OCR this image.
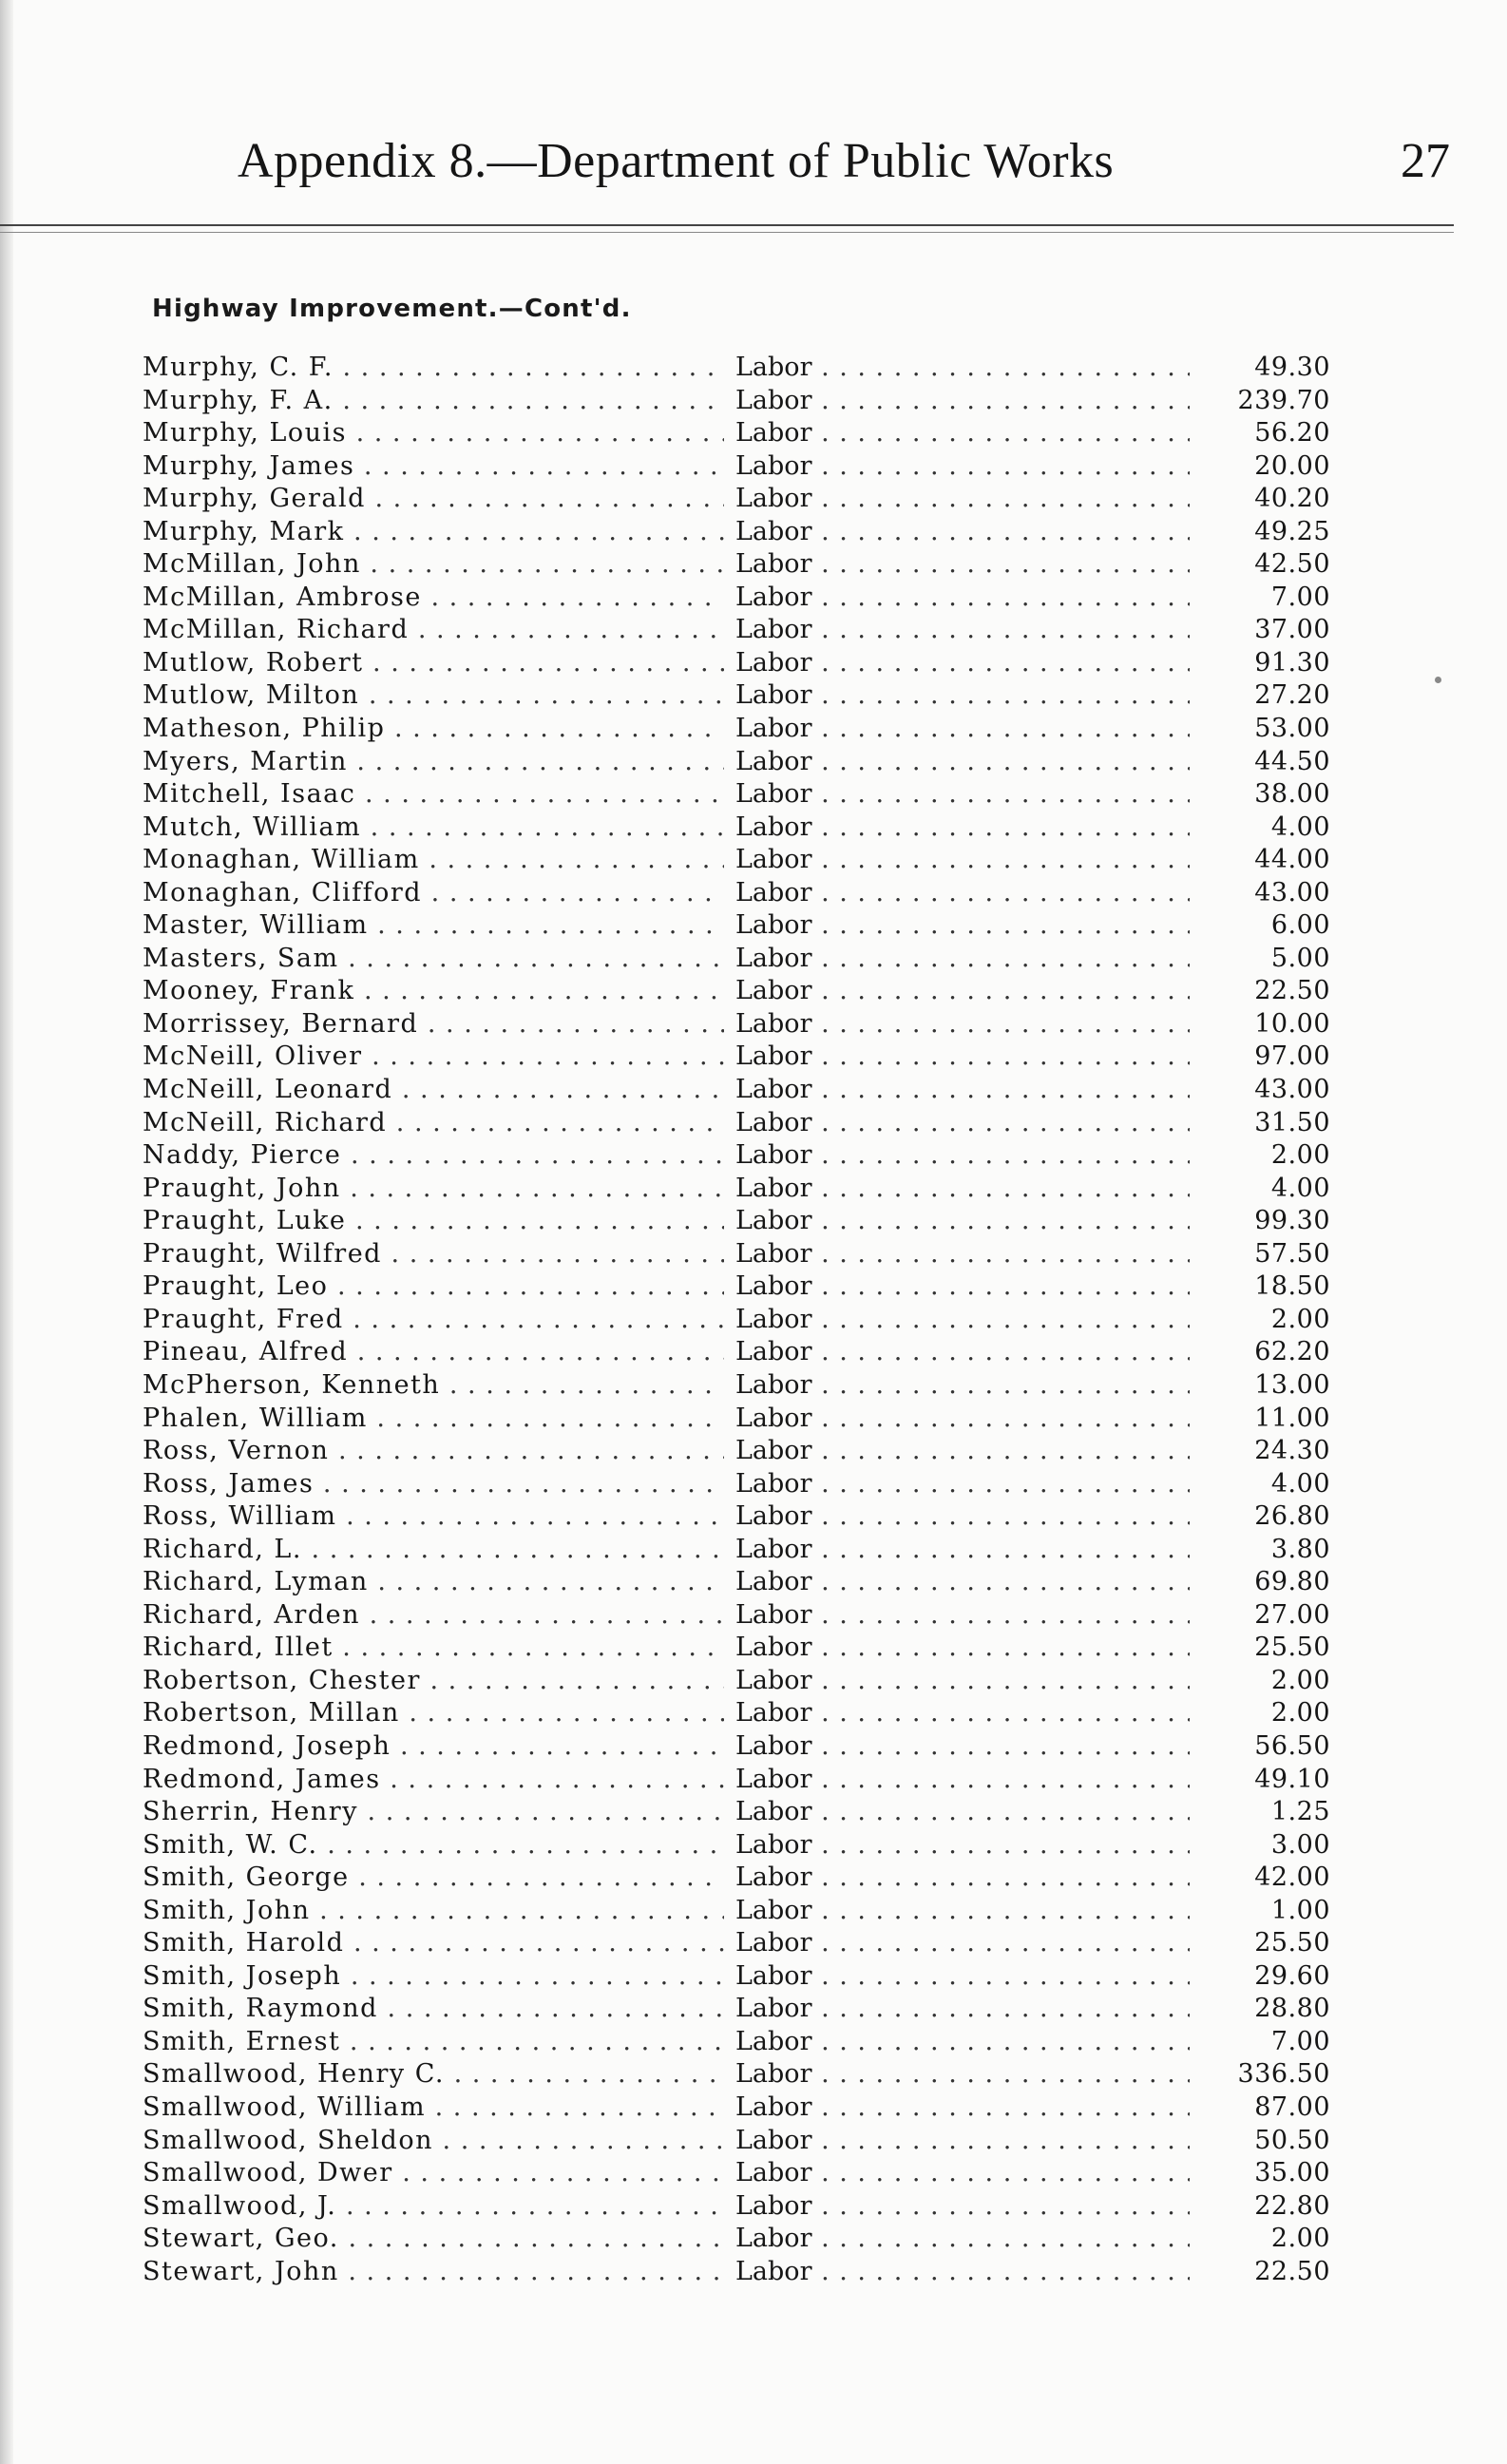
Appendix 8.—Department of Public Works	27
Highway Improvement.—Cont'd.
Murphy, C. F. . . .	Labor . . .	49.30
Murphy, F. A. . . .	Labor . . .	239.70
Murphy, Louis . . .	Labor . . .	56.20
Murphy, James . . .	Labor . . .	20.00
Murphy, Gerald . . .	Labor . . .	40.20
Murphy, Mark . . .	Labor . . .	49.25
McMillan, John . . .	Labor . . .	42.50
McMillan, Ambrose . . .	Labor . . .	7.00
McMillan, Richard . . .	Labor . . .	37.00
Mutlow, Robert . . .	Labor . . .	91.30
Mutlow, Milton . . .	Labor . . .	27.20
Matheson, Philip . . .	Labor . . .	53.00
Myers, Martin . . .	Labor . . .	44.50
Mitchell, Isaac . . .	Labor . . .	38.00
Mutch, William . . .	Labor . . .	4.00
Monaghan, William . . .	Labor . . .	44.00
Monaghan, Clifford . . .	Labor . . .	43.00
Master, William . . .	Labor . . .	6.00
Masters, Sam . . .	Labor . . .	5.00
Mooney, Frank . . .	Labor . . .	22.50
Morrissey, Bernard . . .	Labor . . .	10.00
McNeill, Oliver . . .	Labor . . .	97.00
McNeill, Leonard . . .	Labor . . .	43.00
McNeill, Richard . . .	Labor . . .	31.50
Naddy, Pierce . . .	Labor . . .	2.00
Praught, John . . .	Labor . . .	4.00
Praught, Luke . . .	Labor . . .	99.30
Praught, Wilfred . . .	Labor . . .	57.50
Praught, Leo . . .	Labor . . .	18.50
Praught, Fred . . .	Labor . . .	2.00
Pineau, Alfred . . .	Labor . . .	62.20
McPherson, Kenneth . . .	Labor . . .	13.00
Phalen, William . . .	Labor . . .	11.00
Ross, Vernon . . .	Labor . . .	24.30
Ross, James . . .	Labor . . .	4.00
Ross, William . . .	Labor . . .	26.80
Richard, L. . . .	Labor . . .	3.80
Richard, Lyman . . .	Labor . . .	69.80
Richard, Arden . . .	Labor . . .	27.00
Richard, Illet . . .	Labor . . .	25.50
Robertson, Chester . . .	Labor . . .	2.00
Robertson, Millan . . .	Labor . . .	2.00
Redmond, Joseph . . .	Labor . . .	56.50
Redmond, James . . .	Labor . . .	49.10
Sherrin, Henry . . .	Labor . . .	1.25
Smith, W. C. . . .	Labor . . .	3.00
Smith, George . . .	Labor . . .	42.00
Smith, John . . .	Labor . . .	1.00
Smith, Harold . . .	Labor . . .	25.50
Smith, Joseph . . .	Labor . . .	29.60
Smith, Raymond . . .	Labor . . .	28.80
Smith, Ernest . . .	Labor . . .	7.00
Smallwood, Henry C. . . .	Labor . . .	336.50
Smallwood, William . . .	Labor . . .	87.00
Smallwood, Sheldon . . .	Labor . . .	50.50
Smallwood, Dwer . . .	Labor . . .	35.00
Smallwood, J. . . .	Labor . . .	22.80
Stewart, Geo. . . .	Labor . . .	2.00
Stewart, John . . .	Labor . . .	22.50
